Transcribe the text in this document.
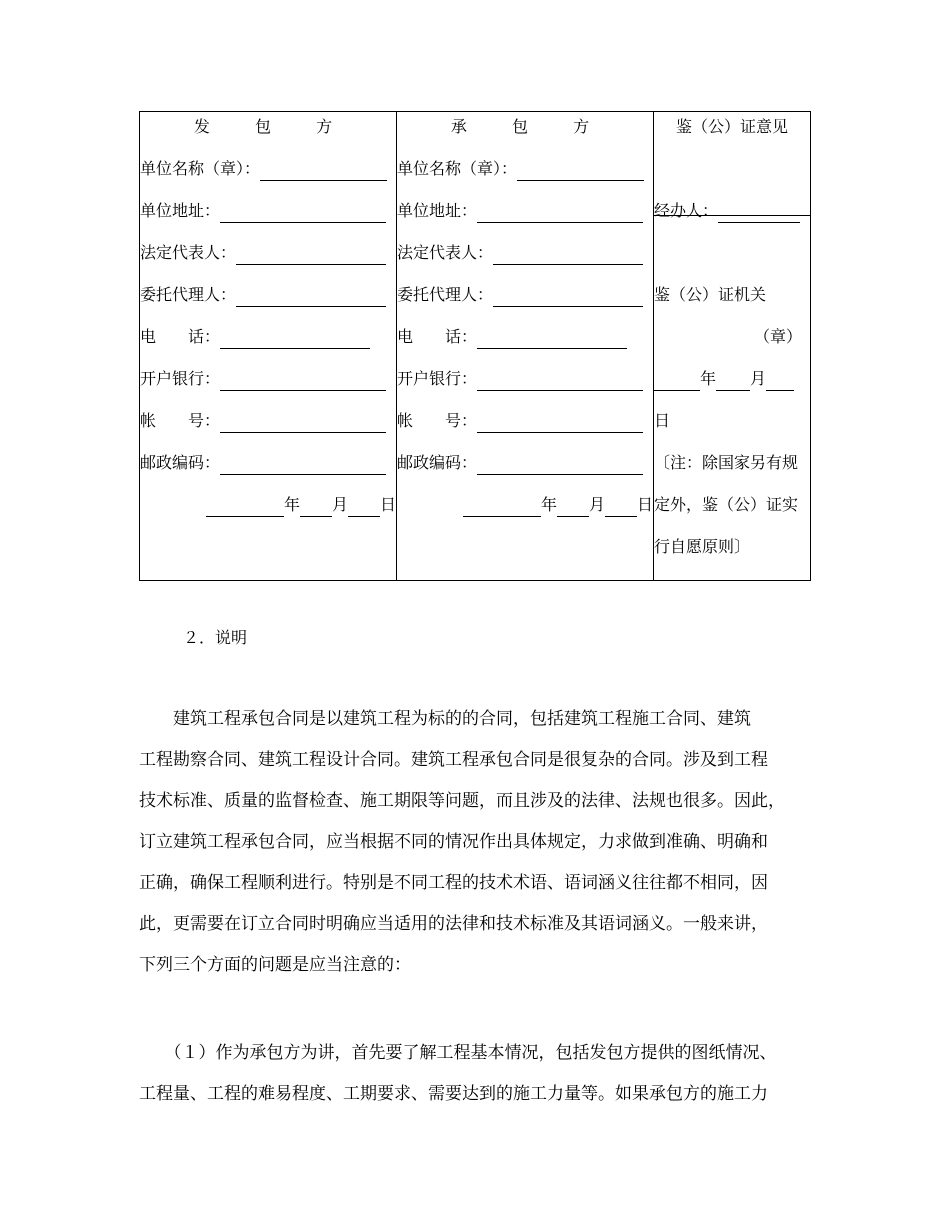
发 包 方
单位名称（章）：
单位地址：
法定代表人：
委托代理人：
电　　话：
开户银行：
帐　　号：
邮政编码：
年 月 日
承 包 方
单位名称（章）：
单位地址：
法定代表人：
委托代理人：
电　　话：
开户银行：
帐　　号：
邮政编码：
年 月 日
鉴（公）证意见
经办人：
鉴（公）证机关
（章）
年 月
日
〔注：除国家另有规
定外，鉴（公）证实
行自愿原则〕
２．说明
　　建筑工程承包合同是以建筑工程为标的的合同，包括建筑工程施工合同、建筑
工程勘察合同、建筑工程设计合同。建筑工程承包合同是很复杂的合同。涉及到工程
技术标准、质量的监督检查、施工期限等问题，而且涉及的法律、法规也很多。因此，
订立建筑工程承包合同，应当根据不同的情况作出具体规定，力求做到准确、明确和
正确，确保工程顺利进行。特别是不同工程的技术术语、语词涵义往往都不相同，因
此，更需要在订立合同时明确应当适用的法律和技术标准及其语词涵义。一般来讲，
下列三个方面的问题是应当注意的：
　　（１）作为承包方为讲，首先要了解工程基本情况，包括发包方提供的图纸情况、
工程量、工程的难易程度、工期要求、需要达到的施工力量等。如果承包方的施工力
